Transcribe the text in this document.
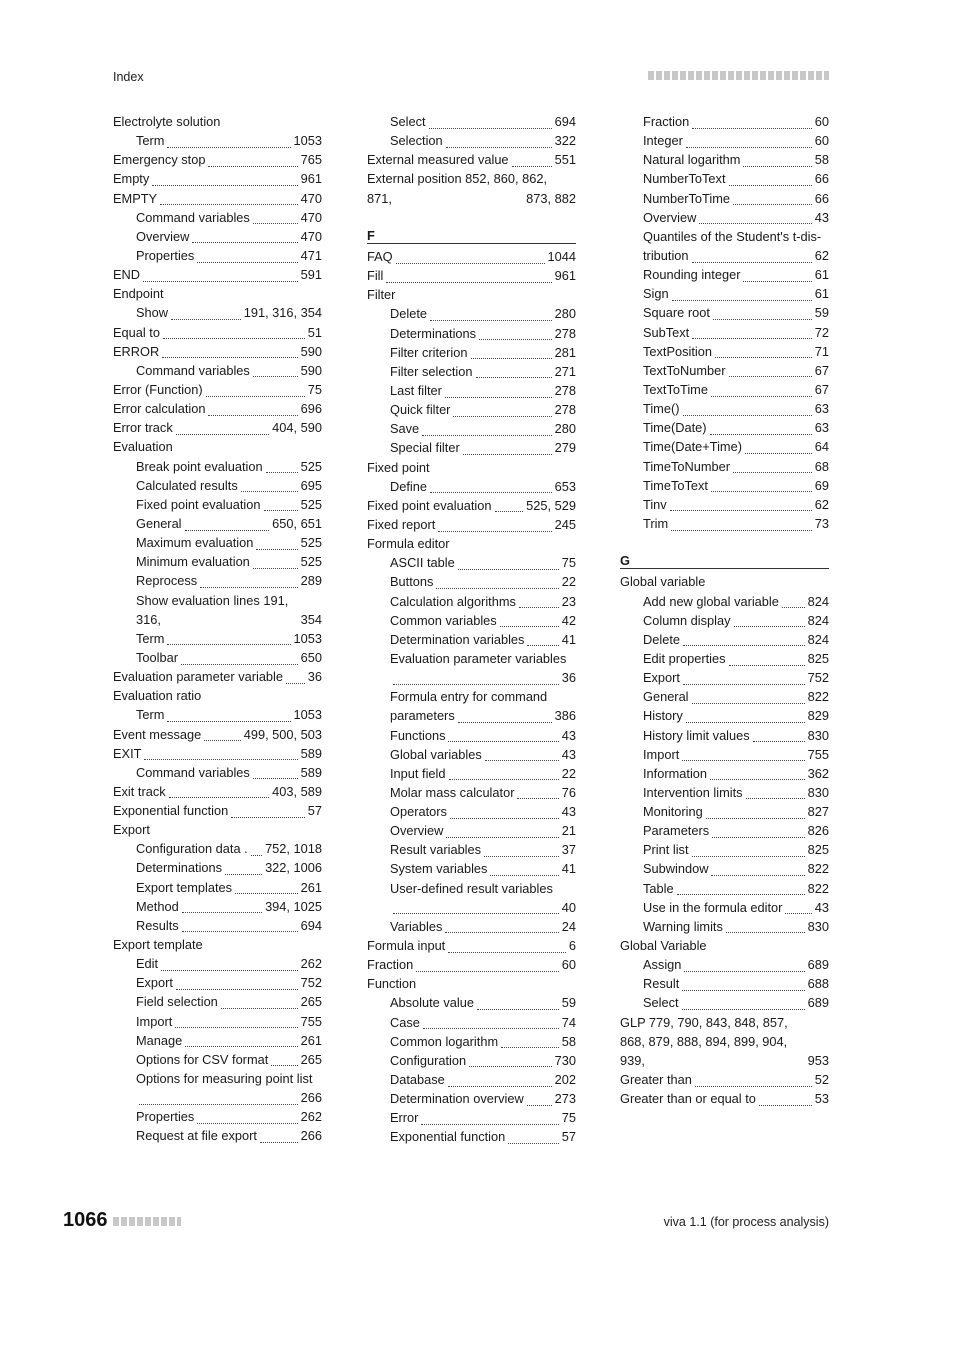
Index
Electrolyte solution
Term	1053
Emergency stop	765
Empty	961
EMPTY	470
Command variables	470
Overview	470
Properties	471
END	591
Endpoint
Show	191, 316, 354
Equal to	51
ERROR	590
Command variables	590
Error (Function)	75
Error calculation	696
Error track	404, 590
Evaluation
Break point evaluation	525
Calculated results	695
Fixed point evaluation	525
General	650, 651
Maximum evaluation	525
Minimum evaluation	525
Reprocess	289
Show evaluation lines 191,
316,	354
Term	1053
Toolbar	650
Evaluation parameter variable 36
Evaluation ratio
Term	1053
Event message	499, 500, 503
EXIT	589
Command variables	589
Exit track	403, 589
Exponential function	57
Export
Configuration data . 752, 1018
Determinations	322, 1006
Export templates	261
Method	394, 1025
Results	694
Export template
Edit	262
Export	752
Field selection	265
Import	755
Manage	261
Options for CSV format	265
Options for measuring point list
266
Properties	262
Request at file export	266
Select	694
Selection	322
External measured value	551
External position 852, 860, 862,
871,	873, 882
F
FAQ	1044
Fill	961
Filter
Delete	280
Determinations	278
Filter criterion	281
Filter selection	271
Last filter	278
Quick filter	278
Save	280
Special filter	279
Fixed point
Define	653
Fixed point evaluation	525, 529
Fixed report	245
Formula editor
ASCII table	75
Buttons	22
Calculation algorithms	23
Common variables	42
Determination variables	41
Evaluation parameter variables
36
Formula entry for command
parameters	386
Functions	43
Global variables	43
Input field	22
Molar mass calculator	76
Operators	43
Overview	21
Result variables	37
System variables	41
User-defined result variables
40
Variables	24
Formula input	6
Fraction	60
Function
Absolute value	59
Case	74
Common logarithm	58
Configuration	730
Database	202
Determination overview 273
Error	75
Exponential function	57
Fraction	60
Integer	60
Natural logarithm	58
NumberToText	66
NumberToTime	66
Overview	43
Quantiles of the Student's t-dis-
tribution	62
Rounding integer	61
Sign	61
Square root	59
SubText	72
TextPosition	71
TextToNumber	67
TextToTime	67
Time()	63
Time(Date)	63
Time(Date+Time)	64
TimeToNumber	68
TimeToText	69
Tinv	62
Trim	73
G
Global variable
Add new global variable 824
Column display	824
Delete	824
Edit properties	825
Export	752
General	822
History	829
History limit values	830
Import	755
Information	362
Intervention limits	830
Monitoring	827
Parameters	826
Print list	825
Subwindow	822
Table	822
Use in the formula editor	43
Warning limits	830
Global Variable
Assign	689
Result	688
Select	689
GLP 779, 790, 843, 848, 857,
868, 879, 888, 894, 899, 904,
939,	953
Greater than	52
Greater than or equal to	53
1066	viva 1.1 (for process analysis)
